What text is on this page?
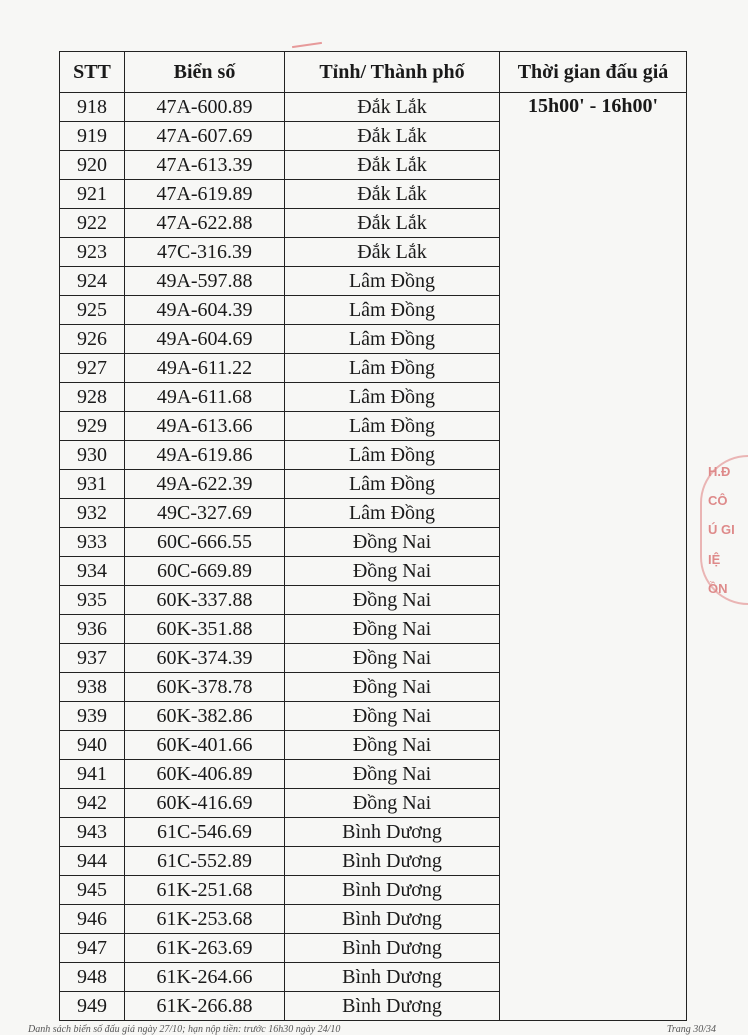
STT	Biển số	Tỉnh/ Thành phố	Thời gian đấu giá
918	47A-600.89	Đắk Lắk	15h00' - 16h00'
919	47A-607.69	Đắk Lắk	
920	47A-613.39	Đắk Lắk	
921	47A-619.89	Đắk Lắk	
922	47A-622.88	Đắk Lắk	
923	47C-316.39	Đắk Lắk	
924	49A-597.88	Lâm Đồng	
925	49A-604.39	Lâm Đồng	
926	49A-604.69	Lâm Đồng	
927	49A-611.22	Lâm Đồng	
928	49A-611.68	Lâm Đồng	
929	49A-613.66	Lâm Đồng	
930	49A-619.86	Lâm Đồng	
931	49A-622.39	Lâm Đồng	
932	49C-327.69	Lâm Đồng	
933	60C-666.55	Đồng Nai	
934	60C-669.89	Đồng Nai	
935	60K-337.88	Đồng Nai	
936	60K-351.88	Đồng Nai	
937	60K-374.39	Đồng Nai	
938	60K-378.78	Đồng Nai	
939	60K-382.86	Đồng Nai	
940	60K-401.66	Đồng Nai	
941	60K-406.89	Đồng Nai	
942	60K-416.69	Đồng Nai	
943	61C-546.69	Bình Dương	
944	61C-552.89	Bình Dương	
945	61K-251.68	Bình Dương	
946	61K-253.68	Bình Dương	
947	61K-263.69	Bình Dương	
948	61K-264.66	Bình Dương	
949	61K-266.88	Bình Dương	
H.Đ
CÔ
Ú GI
IỆ
ỒN
Danh sách biển số đấu giá ngày 27/10; hạn nộp tiền: trước 16h30 ngày 24/10	Trang 30/34
